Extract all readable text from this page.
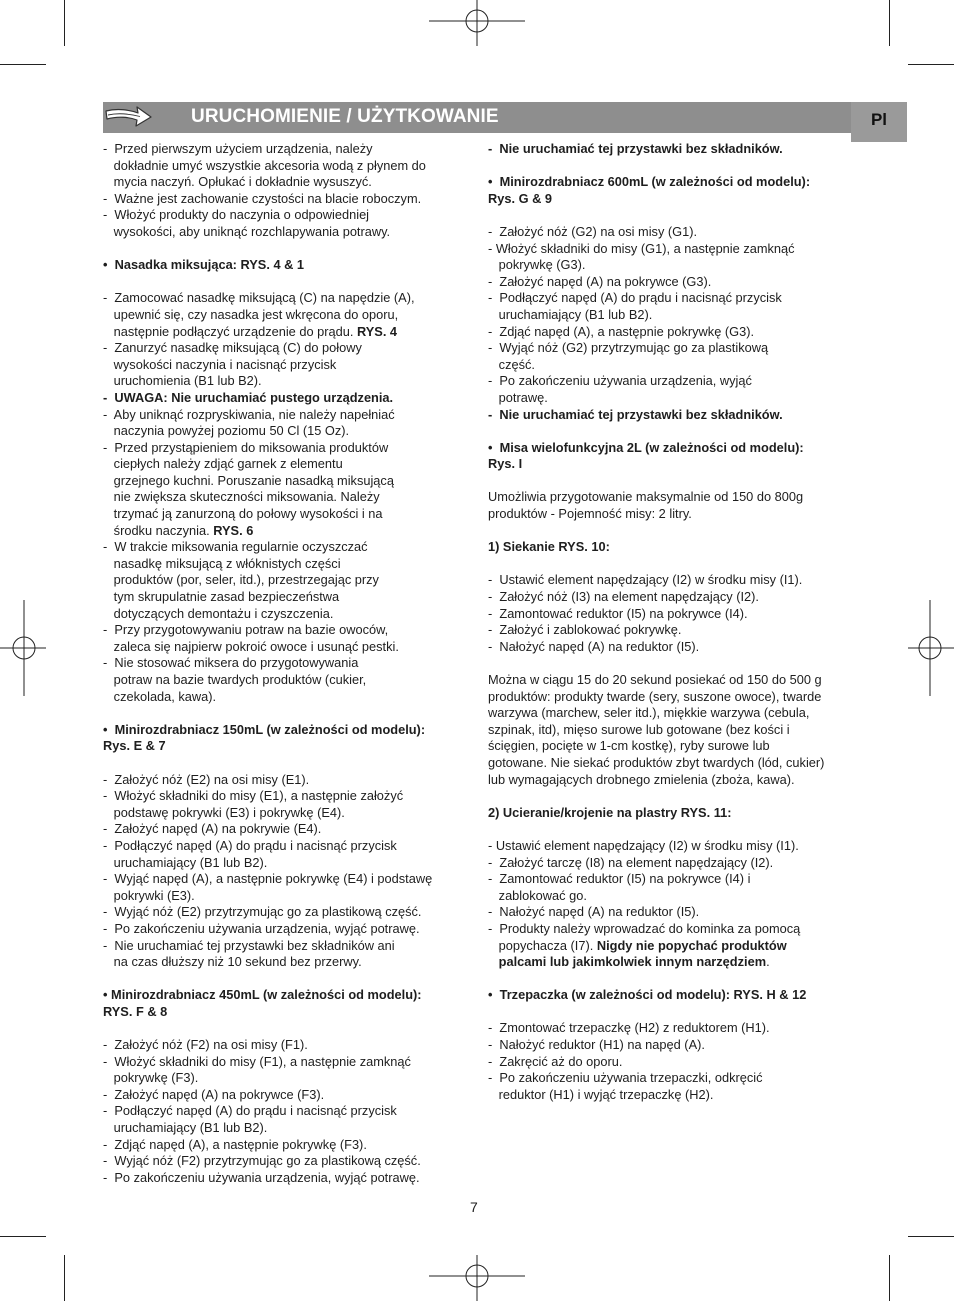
URUCHOMIENIE / UŻYTKOWANIE	Pl
-  Przed pierwszym użyciem urządzenia, należy
dokładnie umyć wszystkie akcesoria wodą z płynem do
mycia naczyń. Opłukać i dokładnie wysuszyć.
-  Ważne jest zachowanie czystości na blacie roboczym.
-  Włożyć produkty do naczynia o odpowiedniej
wysokości, aby uniknąć rozchlapywania potrawy.
•  Nasadka miksująca: RYS. 4 & 1
-  Zamocować nasadkę miksującą (C) na napędzie (A),
upewnić się, czy nasadka jest wkręcona do oporu,
następnie podłączyć urządzenie do prądu. RYS. 4
-  Zanurzyć nasadkę miksującą (C) do połowy
wysokości naczynia i nacisnąć przycisk
uruchomienia (B1 lub B2).
-  UWAGA: Nie uruchamiać pustego urządzenia.
-  Aby uniknąć rozpryskiwania, nie należy napełniać
naczynia powyżej poziomu 50 Cl (15 Oz).
-  Przed przystąpieniem do miksowania produktów
ciepłych należy zdjąć garnek z elementu
grzejnego kuchni. Poruszanie nasadką miksującą
nie zwiększa skuteczności miksowania. Należy
trzymać ją zanurzoną do połowy wysokości i na
środku naczynia. RYS. 6
-  W trakcie miksowania regularnie oczyszczać
nasadkę miksującą z włóknistych części
produktów (por, seler, itd.), przestrzegając przy
tym skrupulatnie zasad bezpieczeństwa
dotyczących demontażu i czyszczenia.
-  Przy przygotowywaniu potraw na bazie owoców,
zaleca się najpierw pokroić owoce i usunąć pestki.
-  Nie stosować miksera do przygotowywania
potraw na bazie twardych produktów (cukier,
czekolada, kawa).
•  Minirozdrabniacz 150mL (w zależności od modelu):
Rys. E & 7
-  Założyć nóż (E2) na osi misy (E1).
-  Włożyć składniki do misy (E1), a następnie założyć
podstawę pokrywki (E3) i pokrywkę (E4).
-  Założyć napęd (A) na pokrywie (E4).
-  Podłączyć napęd (A) do prądu i nacisnąć przycisk
uruchamiający (B1 lub B2).
-  Wyjąć napęd (A), a następnie pokrywkę (E4) i podstawę
pokrywki (E3).
-  Wyjąć nóż (E2) przytrzymując go za plastikową część.
-  Po zakończeniu używania urządzenia, wyjąć potrawę.
-  Nie uruchamiać tej przystawki bez składników ani
na czas dłuższy niż 10 sekund bez przerwy.
• Minirozdrabniacz 450mL (w zależności od modelu):
RYS. F & 8
-  Założyć nóż (F2) na osi misy (F1).
-  Włożyć składniki do misy (F1), a następnie zamknąć
pokrywkę (F3).
-  Założyć napęd (A) na pokrywce (F3).
-  Podłączyć napęd (A) do prądu i nacisnąć przycisk
uruchamiający (B1 lub B2).
-  Zdjąć napęd (A), a następnie pokrywkę (F3).
-  Wyjąć nóż (F2) przytrzymując go za plastikową część.
-  Po zakończeniu używania urządzenia, wyjąć potrawę.
-  Nie uruchamiać tej przystawki bez składników.
•  Minirozdrabniacz 600mL (w zależności od modelu):
Rys. G & 9
-  Założyć nóż (G2) na osi misy (G1).
- Włożyć składniki do misy (G1), a następnie zamknąć
pokrywkę (G3).
-  Założyć napęd (A) na pokrywce (G3).
-  Podłączyć napęd (A) do prądu i nacisnąć przycisk
uruchamiający (B1 lub B2).
-  Zdjąć napęd (A), a następnie pokrywkę (G3).
-  Wyjąć nóż (G2) przytrzymując go za plastikową
część.
-  Po zakończeniu używania urządzenia, wyjąć
potrawę.
-  Nie uruchamiać tej przystawki bez składników.
•  Misa wielofunkcyjna 2L (w zależności od modelu):
Rys. I
Umożliwia przygotowanie maksymalnie od 150 do 800g
produktów - Pojemność misy: 2 litry.
1) Siekanie RYS. 10:
-  Ustawić element napędzający (I2) w środku misy (I1).
-  Założyć nóż (I3) na element napędzający (I2).
-  Zamontować reduktor (I5) na pokrywce (I4).
-  Założyć i zablokować pokrywkę.
-  Nałożyć napęd (A) na reduktor (I5).
Można w ciągu 15 do 20 sekund posiekać od 150 do 500 g
produktów: produkty twarde (sery, suszone owoce), twarde
warzywa (marchew, seler itd.), miękkie warzywa (cebula,
szpinak, itd), mięso surowe lub gotowane (bez kości i
ścięgien, pocięte w 1-cm kostkę), ryby surowe lub
gotowane. Nie siekać produktów zbyt twardych (lód, cukier)
lub wymagających drobnego zmielenia (zboża, kawa).
2) Ucieranie/krojenie na plastry RYS. 11:
- Ustawić element napędzający (I2) w środku misy (I1).
-  Założyć tarczę (I8) na element napędzający (I2).
-  Zamontować reduktor (I5) na pokrywce (I4) i
zablokować go.
-  Nałożyć napęd (A) na reduktor (I5).
-  Produkty należy wprowadzać do kominka za pomocą
popychacza (I7). Nigdy nie popychać produktów
palcami lub jakimkolwiek innym narzędziem.
•  Trzepaczka (w zależności od modelu): RYS. H & 12
-  Zmontować trzepaczkę (H2) z reduktorem (H1).
-  Nałożyć reduktor (H1) na napęd (A).
-  Zakręcić aż do oporu.
-  Po zakończeniu używania trzepaczki, odkręcić
reduktor (H1) i wyjąć trzepaczkę (H2).
7
